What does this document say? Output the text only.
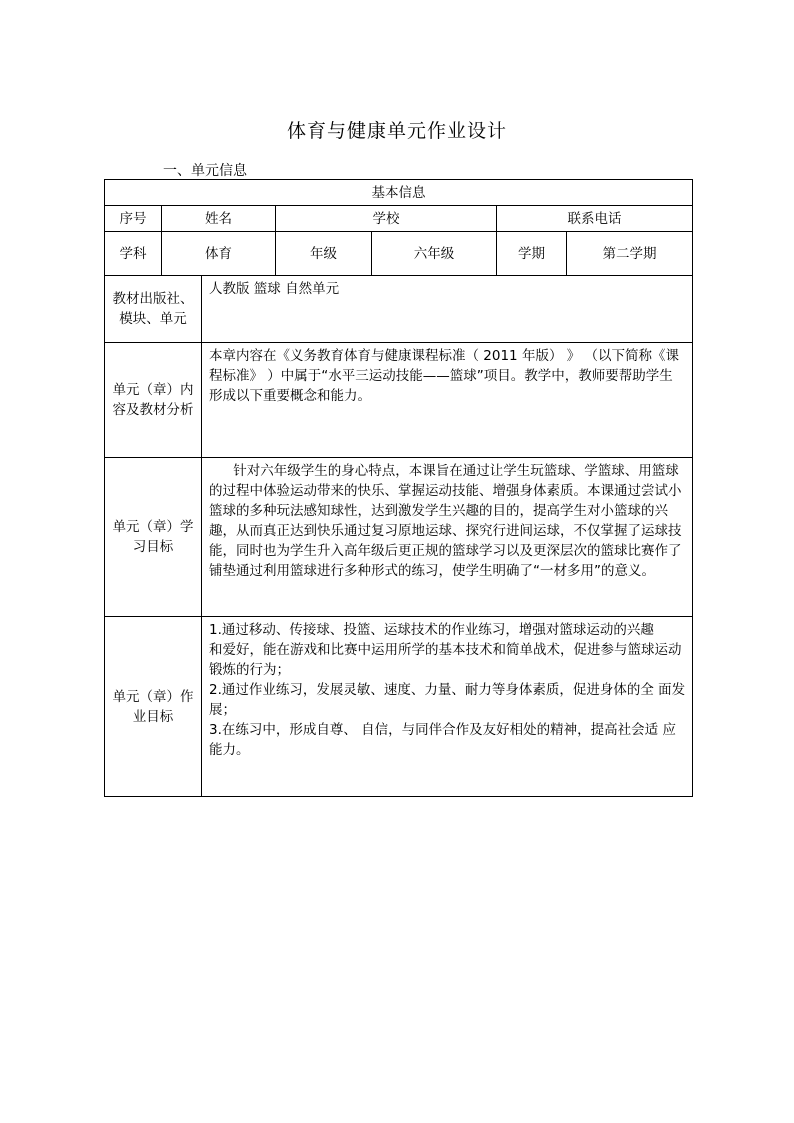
体育与健康单元作业设计
一、单元信息
基本信息						
序号	姓名		学校		联系电话	
学科	体育		年级	六年级	学期	第二学期
教材出版社、模块、单元		人教版 篮球 自然单元				
单元（章）内容及教材分析		本章内容在《义务教育体育与健康课程标准（ 2011 年版） 》 （以下简称《课 程标准》 ）中属于“水平三运动技能——篮球”项目。教学中，教师要帮助学生形成以下重要概念和能力。				
单元（章）学习目标		针对六年级学生的身心特点，本课旨在通过让学生玩篮球、学篮球、用篮球的过程中体验运动带来的快乐、掌握运动技能、增强身体素质。本课通过尝试小篮球的多种玩法感知球性，达到激发学生兴趣的目的，提高学生对小篮球的兴趣，从而真正达到快乐通过复习原地运球、探究行进间运球，不仅掌握了运球技能，同时也为学生升入高年级后更正规的篮球学习以及更深层次的篮球比赛作了铺垫通过利用篮球进行多种形式的练习，使学生明确了“一材多用”的意义。				
单元（章）作业目标		1.通过移动、传接球、投篮、运球技术的作业练习，增强对篮球运动的兴趣
和爱好，能在游戏和比赛中运用所学的基本技术和简单战术，促进参与篮球运动锻炼的行为；
2.通过作业练习，发展灵敏、速度、力量、耐力等身体素质，促进身体的全 面发展；
3.在练习中，形成自尊、 自信，与同伴合作及友好相处的精神，提高社会适 应能力。				
